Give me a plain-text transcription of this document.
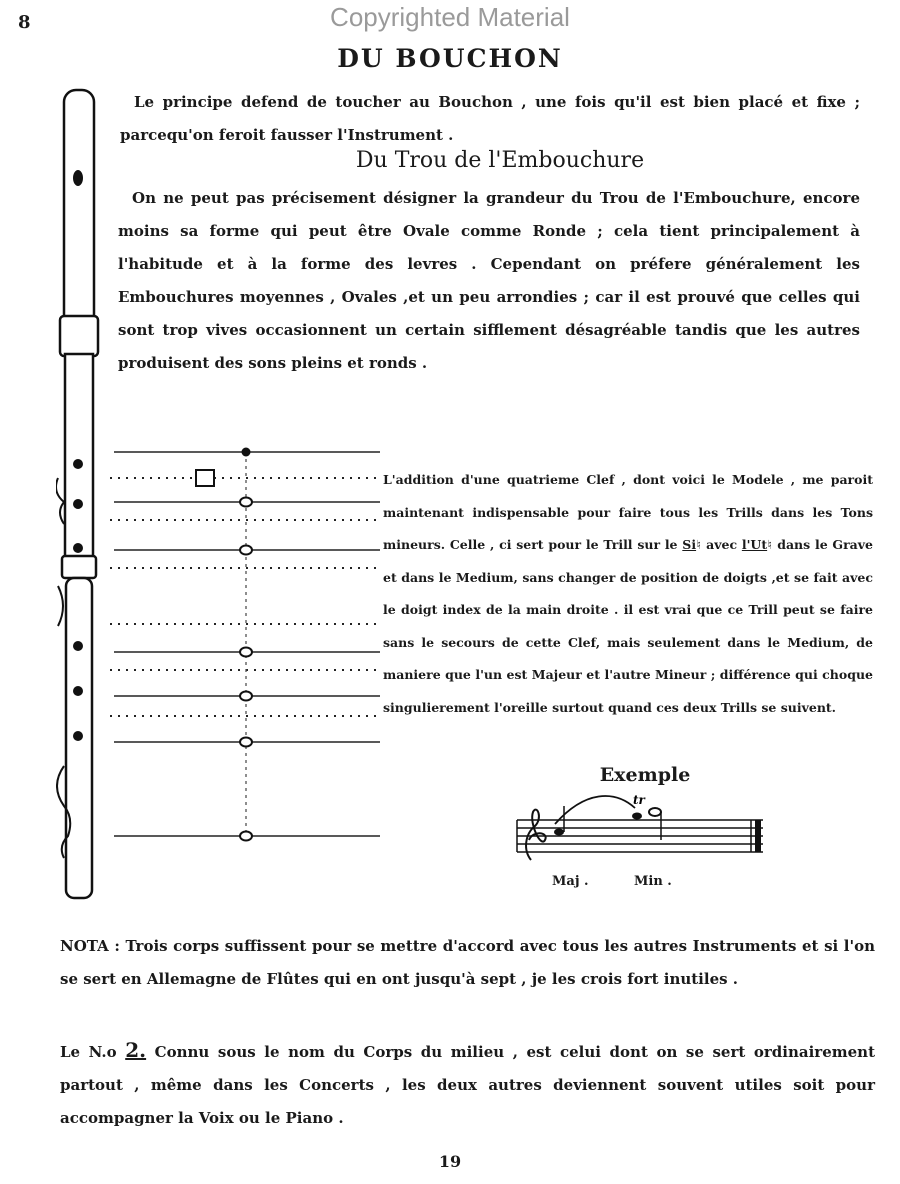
8	Copyrighted Material
DU BOUCHON
Le principe defend de toucher au Bouchon , une fois qu'il est bien placé et fixe ; parcequ'on feroit fausser l'Instrument .
Du Trou de l'Embouchure
On ne peut pas précisement désigner la grandeur du Trou de l'Embouchure, encore moins sa forme qui peut être Ovale comme Ronde ; cela tient principalement à l'habitude et à la forme des levres . Cependant on préfere généralement les Embouchures moyennes , Ovales ,et un peu arrondies ; car il est prouvé que celles qui sont trop vives occasionnent un certain sifflement désagréable tandis que les autres produisent des sons pleins et ronds .
L'addition d'une quatrieme Clef , dont voici le Modele , me paroit maintenant indispensable pour faire tous les Trills dans les Tons mineurs. Celle , ci sert pour le Trill sur le Si♮ avec l'Ut♮ dans le Grave et dans le Medium, sans changer de position de doigts ,et se fait avec le doigt index de la main droite . il est vrai que ce Trill peut se faire sans le secours de cette Clef, mais seulement dans le Medium, de maniere que l'un est Majeur et l'autre Mineur ; différence qui choque singulierement l'oreille surtout quand ces deux Trills se suivent.
Exemple
tr
Maj .	Min .
NOTA : Trois corps suffissent pour se mettre d'accord avec tous les autres Instruments et si l'on se sert en Allemagne de Flûtes qui en ont jusqu'à sept , je les crois fort inutiles .
Le N.o 2. Connu sous le nom du Corps du milieu , est celui dont on se sert ordinairement partout , même dans les Concerts , les deux autres deviennent souvent utiles soit pour accompagner la Voix ou le Piano .
19
